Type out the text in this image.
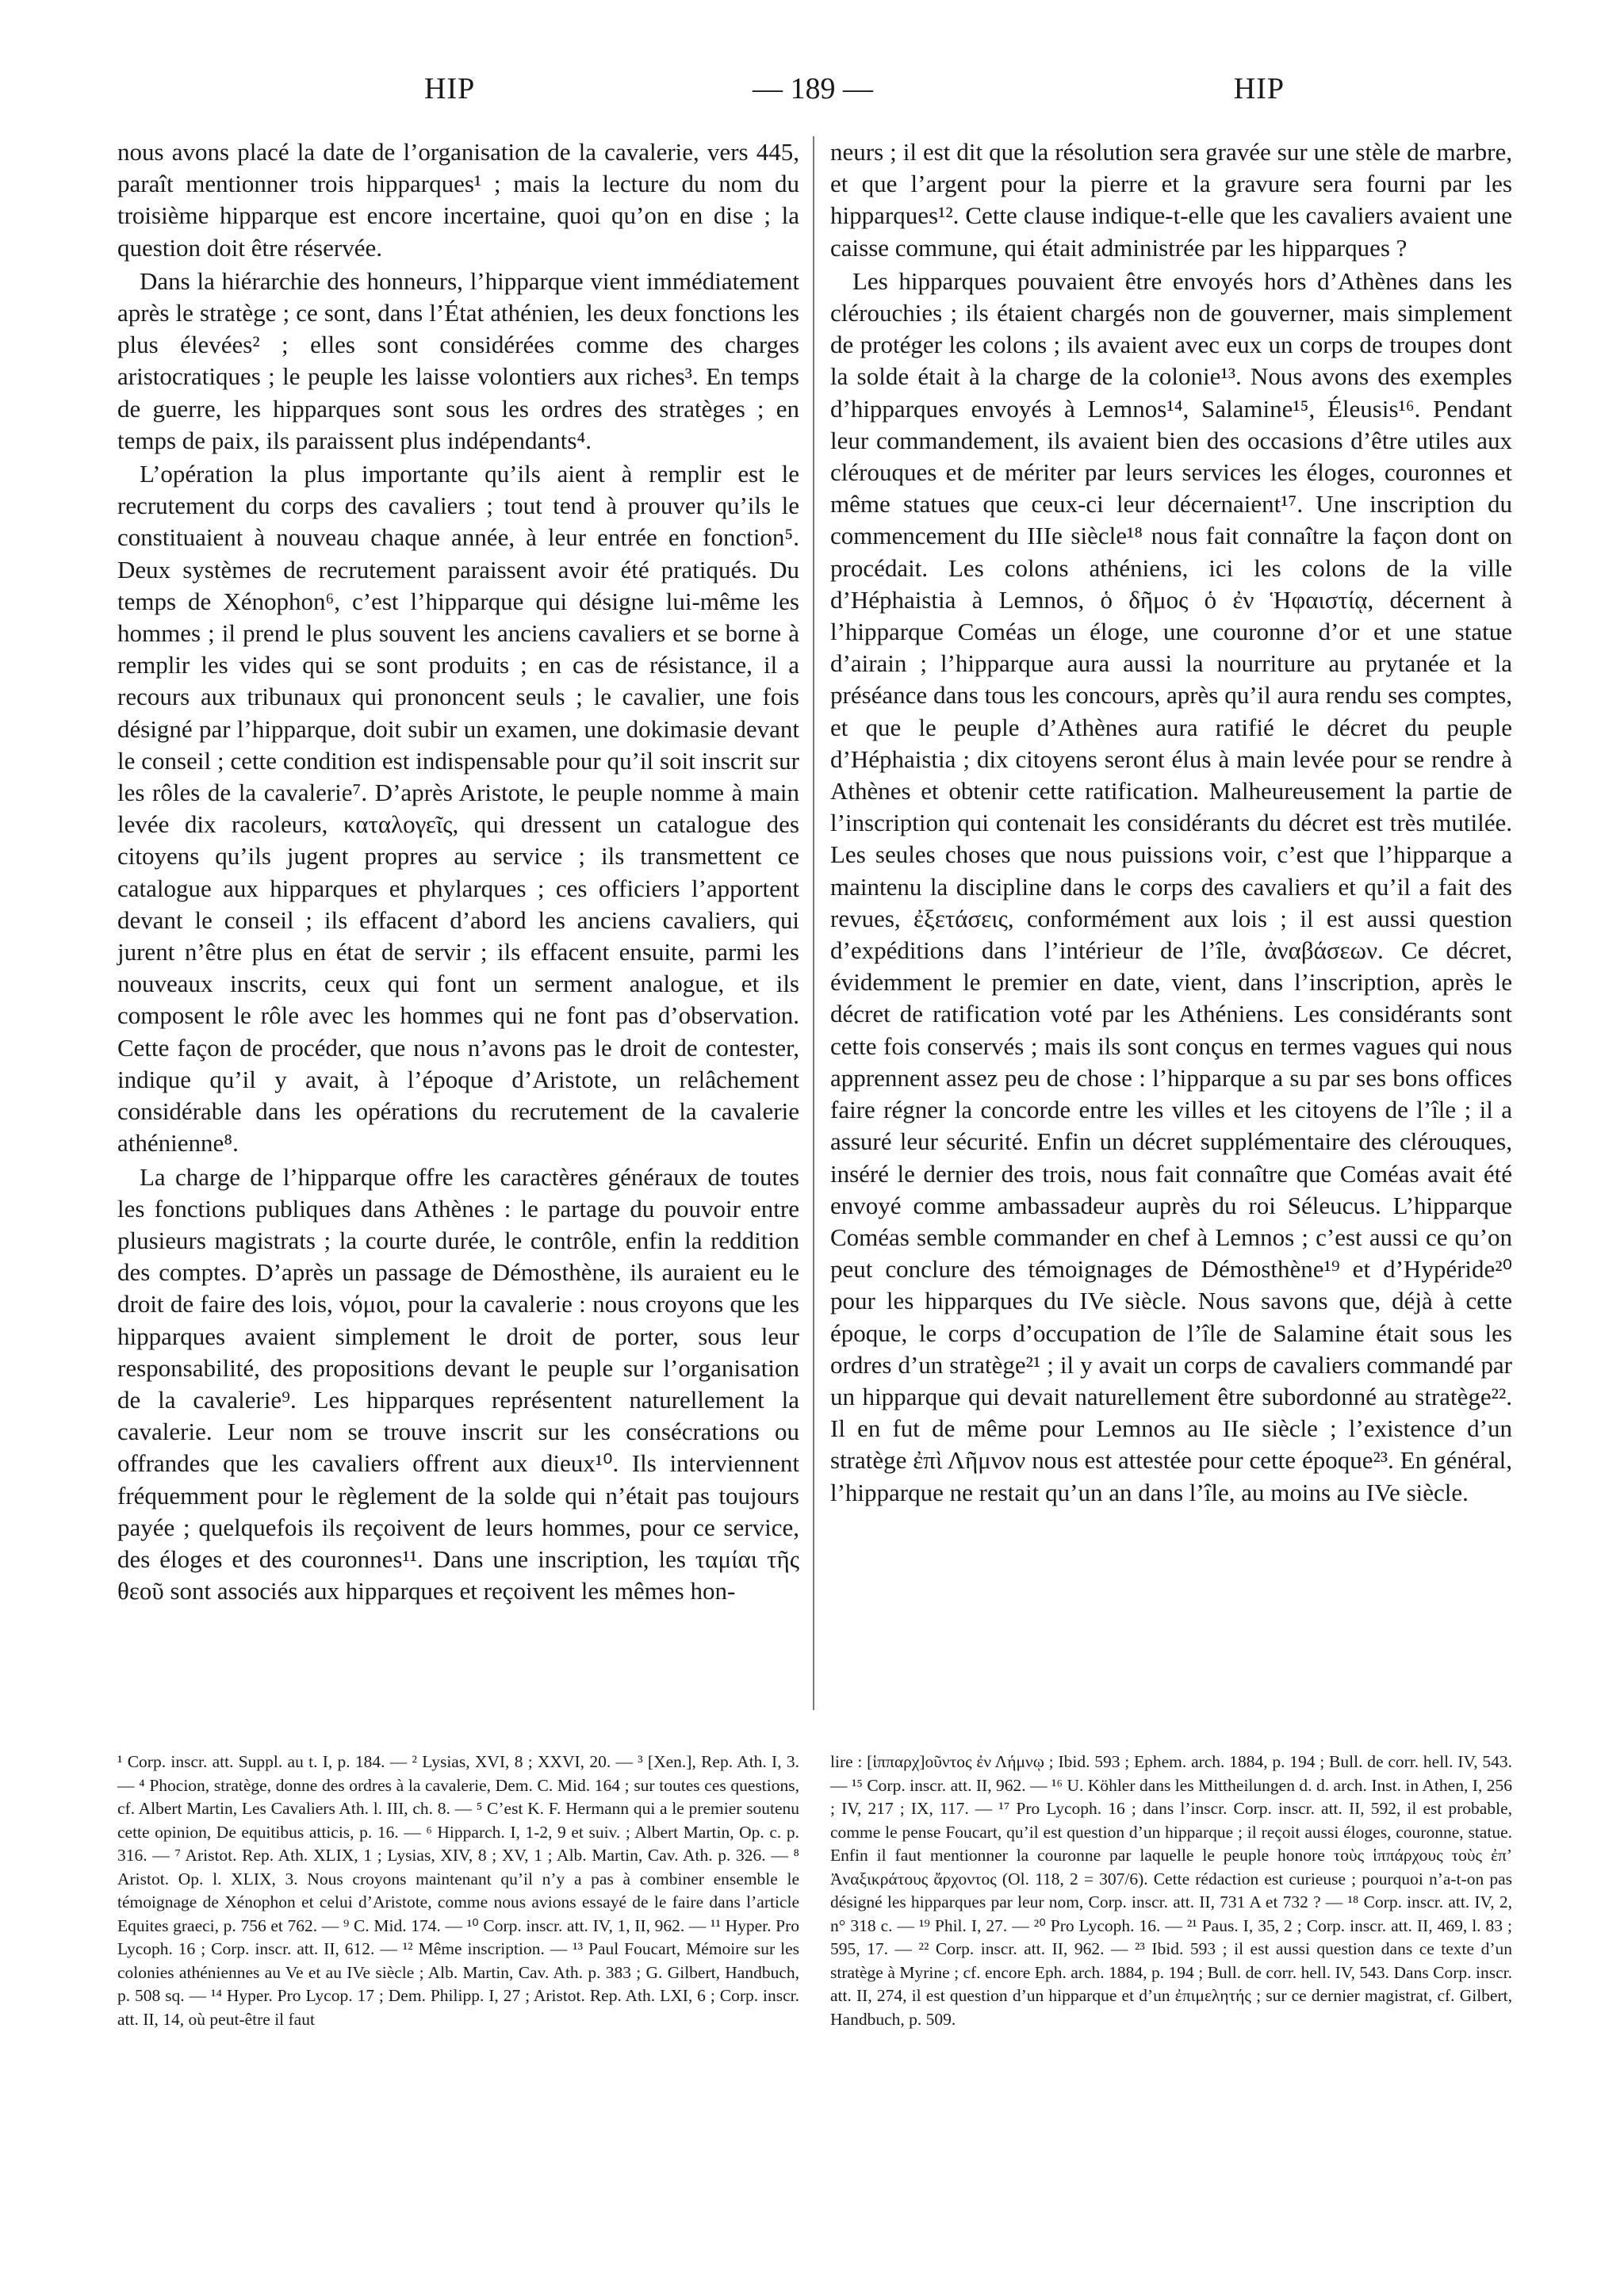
HIP	— 189 —	HIP

nous avons placé la date de l’organisation de la cavalerie, vers 445, paraît mentionner trois hipparques¹ ; mais la lecture du nom du troisième hipparque est encore incertaine, quoi qu’on en dise ; la question doit être réservée.

Dans la hiérarchie des honneurs, l’hipparque vient immédiatement après le stratège ; ce sont, dans l’État athénien, les deux fonctions les plus élevées² ; elles sont considérées comme des charges aristocratiques ; le peuple les laisse volontiers aux riches³. En temps de guerre, les hipparques sont sous les ordres des stratèges ; en temps de paix, ils paraissent plus indépendants⁴.

L’opération la plus importante qu’ils aient à remplir est le recrutement du corps des cavaliers ; tout tend à prouver qu’ils le constituaient à nouveau chaque année, à leur entrée en fonction⁵. Deux systèmes de recrutement paraissent avoir été pratiqués. Du temps de Xénophon⁶, c’est l’hipparque qui désigne lui-même les hommes ; il prend le plus souvent les anciens cavaliers et se borne à remplir les vides qui se sont produits ; en cas de résistance, il a recours aux tribunaux qui prononcent seuls ; le cavalier, une fois désigné par l’hipparque, doit subir un examen, une dokimasie devant le conseil ; cette condition est indispensable pour qu’il soit inscrit sur les rôles de la cavalerie⁷. D’après Aristote, le peuple nomme à main levée dix racoleurs, καταλογεῖς, qui dressent un catalogue des citoyens qu’ils jugent propres au service ; ils transmettent ce catalogue aux hipparques et phylarques ; ces officiers l’apportent devant le conseil ; ils effacent d’abord les anciens cavaliers, qui jurent n’être plus en état de servir ; ils effacent ensuite, parmi les nouveaux inscrits, ceux qui font un serment analogue, et ils composent le rôle avec les hommes qui ne font pas d’observation. Cette façon de procéder, que nous n’avons pas le droit de contester, indique qu’il y avait, à l’époque d’Aristote, un relâchement considérable dans les opérations du recrutement de la cavalerie athénienne⁸.

La charge de l’hipparque offre les caractères généraux de toutes les fonctions publiques dans Athènes : le partage du pouvoir entre plusieurs magistrats ; la courte durée, le contrôle, enfin la reddition des comptes. D’après un passage de Démosthène, ils auraient eu le droit de faire des lois, νόμοι, pour la cavalerie : nous croyons que les hipparques avaient simplement le droit de porter, sous leur responsabilité, des propositions devant le peuple sur l’organisation de la cavalerie⁹. Les hipparques représentent naturellement la cavalerie. Leur nom se trouve inscrit sur les consécrations ou offrandes que les cavaliers offrent aux dieux¹⁰. Ils interviennent fréquemment pour le règlement de la solde qui n’était pas toujours payée ; quelquefois ils reçoivent de leurs hommes, pour ce service, des éloges et des couronnes¹¹. Dans une inscription, les ταμίαι τῆς θεοῦ sont associés aux hipparques et reçoivent les mêmes hon-

neurs ; il est dit que la résolution sera gravée sur une stèle de marbre, et que l’argent pour la pierre et la gravure sera fourni par les hipparques¹². Cette clause indique-t-elle que les cavaliers avaient une caisse commune, qui était administrée par les hipparques ?

Les hipparques pouvaient être envoyés hors d’Athènes dans les clérouchies ; ils étaient chargés non de gouverner, mais simplement de protéger les colons ; ils avaient avec eux un corps de troupes dont la solde était à la charge de la colonie¹³. Nous avons des exemples d’hipparques envoyés à Lemnos¹⁴, Salamine¹⁵, Éleusis¹⁶. Pendant leur commandement, ils avaient bien des occasions d’être utiles aux clérouques et de mériter par leurs services les éloges, couronnes et même statues que ceux-ci leur décernaient¹⁷. Une inscription du commencement du IIIe siècle¹⁸ nous fait connaître la façon dont on procédait. Les colons athéniens, ici les colons de la ville d’Héphaistia à Lemnos, ὁ δῆμος ὁ ἐν Ἡφαιστίᾳ, décernent à l’hipparque Coméas un éloge, une couronne d’or et une statue d’airain ; l’hipparque aura aussi la nourriture au prytanée et la préséance dans tous les concours, après qu’il aura rendu ses comptes, et que le peuple d’Athènes aura ratifié le décret du peuple d’Héphaistia ; dix citoyens seront élus à main levée pour se rendre à Athènes et obtenir cette ratification. Malheureusement la partie de l’inscription qui contenait les considérants du décret est très mutilée. Les seules choses que nous puissions voir, c’est que l’hipparque a maintenu la discipline dans le corps des cavaliers et qu’il a fait des revues, ἐξετάσεις, conformément aux lois ; il est aussi question d’expéditions dans l’intérieur de l’île, ἀναβάσεων. Ce décret, évidemment le premier en date, vient, dans l’inscription, après le décret de ratification voté par les Athéniens. Les considérants sont cette fois conservés ; mais ils sont conçus en termes vagues qui nous apprennent assez peu de chose : l’hipparque a su par ses bons offices faire régner la concorde entre les villes et les citoyens de l’île ; il a assuré leur sécurité. Enfin un décret supplémentaire des clérouques, inséré le dernier des trois, nous fait connaître que Coméas avait été envoyé comme ambassadeur auprès du roi Séleucus. L’hipparque Coméas semble commander en chef à Lemnos ; c’est aussi ce qu’on peut conclure des témoignages de Démosthène¹⁹ et d’Hypéride²⁰ pour les hipparques du IVe siècle. Nous savons que, déjà à cette époque, le corps d’occupation de l’île de Salamine était sous les ordres d’un stratège²¹ ; il y avait un corps de cavaliers commandé par un hipparque qui devait naturellement être subordonné au stratège²². Il en fut de même pour Lemnos au IIe siècle ; l’existence d’un stratège ἐπὶ Λῆμνον nous est attestée pour cette époque²³. En général, l’hipparque ne restait qu’un an dans l’île, au moins au IVe siècle.

¹ Corp. inscr. att. Suppl. au t. I, p. 184. — ² Lysias, XVI, 8 ; XXVI, 20. — ³ [Xen.], Rep. Ath. I, 3. — ⁴ Phocion, stratège, donne des ordres à la cavalerie, Dem. C. Mid. 164 ; sur toutes ces questions, cf. Albert Martin, Les Cavaliers Ath. l. III, ch. 8. — ⁵ C’est K. F. Hermann qui a le premier soutenu cette opinion, De equitibus atticis, p. 16. — ⁶ Hipparch. I, 1-2, 9 et suiv. ; Albert Martin, Op. c. p. 316. — ⁷ Aristot. Rep. Ath. XLIX, 1 ; Lysias, XIV, 8 ; XV, 1 ; Alb. Martin, Cav. Ath. p. 326. — ⁸ Aristot. Op. l. XLIX, 3. Nous croyons maintenant qu’il n’y a pas à combiner ensemble le témoignage de Xénophon et celui d’Aristote, comme nous avions essayé de le faire dans l’article Equites graeci, p. 756 et 762. — ⁹ C. Mid. 174. — ¹⁰ Corp. inscr. att. IV, 1, II, 962. — ¹¹ Hyper. Pro Lycoph. 16 ; Corp. inscr. att. II, 612. — ¹² Même inscription. — ¹³ Paul Foucart, Mémoire sur les colonies athéniennes au Ve et au IVe siècle ; Alb. Martin, Cav. Ath. p. 383 ; G. Gilbert, Handbuch, p. 508 sq. — ¹⁴ Hyper. Pro Lycop. 17 ; Dem. Philipp. I, 27 ; Aristot. Rep. Ath. LXI, 6 ; Corp. inscr. att. II, 14, où peut-être il faut

lire : [ἱππαρχ]οῦντος ἐν Λήμνῳ ; Ibid. 593 ; Ephem. arch. 1884, p. 194 ; Bull. de corr. hell. IV, 543. — ¹⁵ Corp. inscr. att. II, 962. — ¹⁶ U. Köhler dans les Mittheilungen d. d. arch. Inst. in Athen, I, 256 ; IV, 217 ; IX, 117. — ¹⁷ Pro Lycoph. 16 ; dans l’inscr. Corp. inscr. att. II, 592, il est probable, comme le pense Foucart, qu’il est question d’un hipparque ; il reçoit aussi éloges, couronne, statue. Enfin il faut mentionner la couronne par laquelle le peuple honore τοὺς ἱππάρχους τοὺς ἐπ’ Ἀναξικράτους ἄρχοντος (Ol. 118, 2 = 307/6). Cette rédaction est curieuse ; pourquoi n’a-t-on pas désigné les hipparques par leur nom, Corp. inscr. att. II, 731 A et 732 ? — ¹⁸ Corp. inscr. att. IV, 2, n° 318 c. — ¹⁹ Phil. I, 27. — ²⁰ Pro Lycoph. 16. — ²¹ Paus. I, 35, 2 ; Corp. inscr. att. II, 469, l. 83 ; 595, 17. — ²² Corp. inscr. att. II, 962. — ²³ Ibid. 593 ; il est aussi question dans ce texte d’un stratège à Myrine ; cf. encore Eph. arch. 1884, p. 194 ; Bull. de corr. hell. IV, 543. Dans Corp. inscr. att. II, 274, il est question d’un hipparque et d’un ἐπιμελητής ; sur ce dernier magistrat, cf. Gilbert, Handbuch, p. 509.
